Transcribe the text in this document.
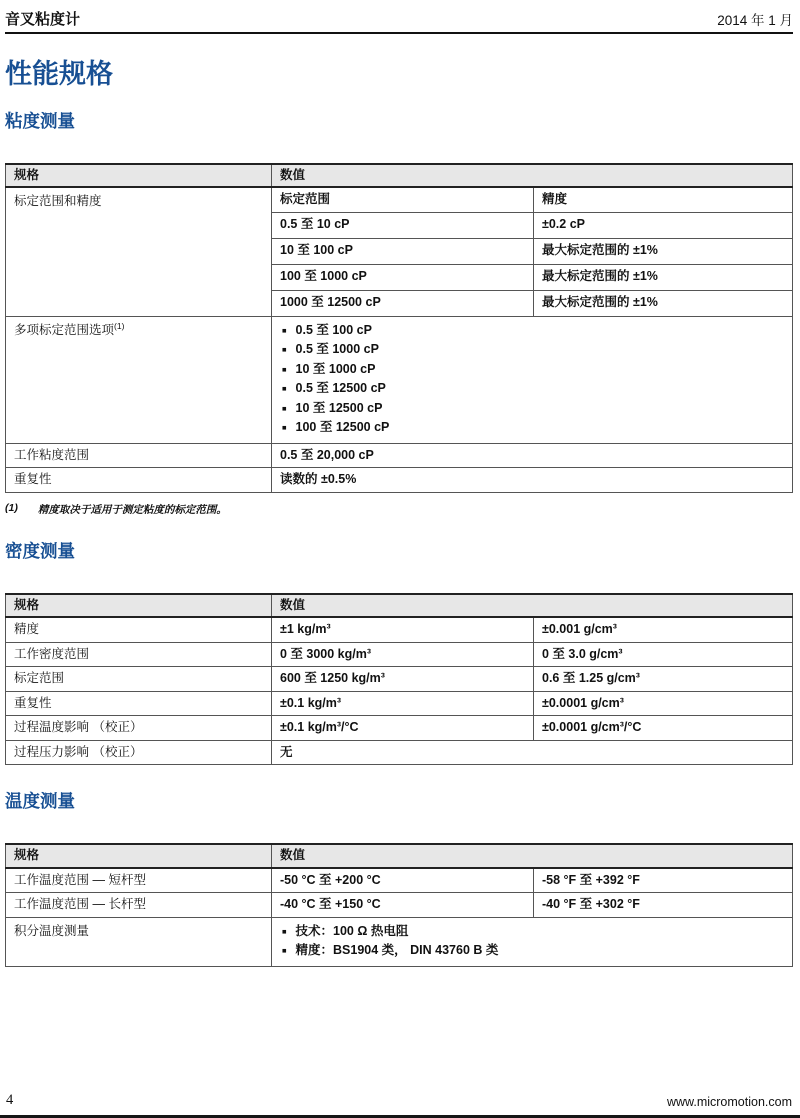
音叉粘度计	2014 年 1 月
性能规格
粘度测量
规格	数值	
标定范围和精度	标定范围	精度
	0.5 至 10 cP	±0.2 cP
	10 至 100 cP	最大标定范围的 ±1%
	100 至 1000 cP	最大标定范围的 ±1%
	1000 至 12500 cP	最大标定范围的 ±1%
多项标定范围选项$^{(1)}$	■ 0.5 至 100 cP
■ 0.5 至 1000 cP
■ 10 至 1000 cP
■ 0.5 至 12500 cP
■ 10 至 12500 cP
■ 100 至 12500 cP

工作粘度范围	0.5 至 20,000 cP	
重复性	读数的 ±0.5%	
(1) 精度取决于适用于测定粘度的标定范围。
密度测量
规格	数值	
精度	±1 kg/m³	±0.001 g/cm³
工作密度范围	0 至 3000 kg/m³	0 至 3.0 g/cm³
标定范围	600 至 1250 kg/m³	0.6 至 1.25 g/cm³
重复性	±0.1 kg/m³	±0.0001 g/cm³
过程温度影响 （校正）	±0.1 kg/m³/°C	±0.0001 g/cm³/°C
过程压力影响 （校正）	无	
温度测量
规格	数值	
工作温度范围 — 短杆型	-50 °C 至 +200 °C	-58 °F 至 +392 °F
工作温度范围 — 长杆型	-40 °C 至 +150 °C	-40 °F 至 +302 °F
积分温度测量	■ 技术：100 Ω 热电阻
■ 精度：BS1904 类， DIN 43760 B 类	
4	www.micromotion.com
